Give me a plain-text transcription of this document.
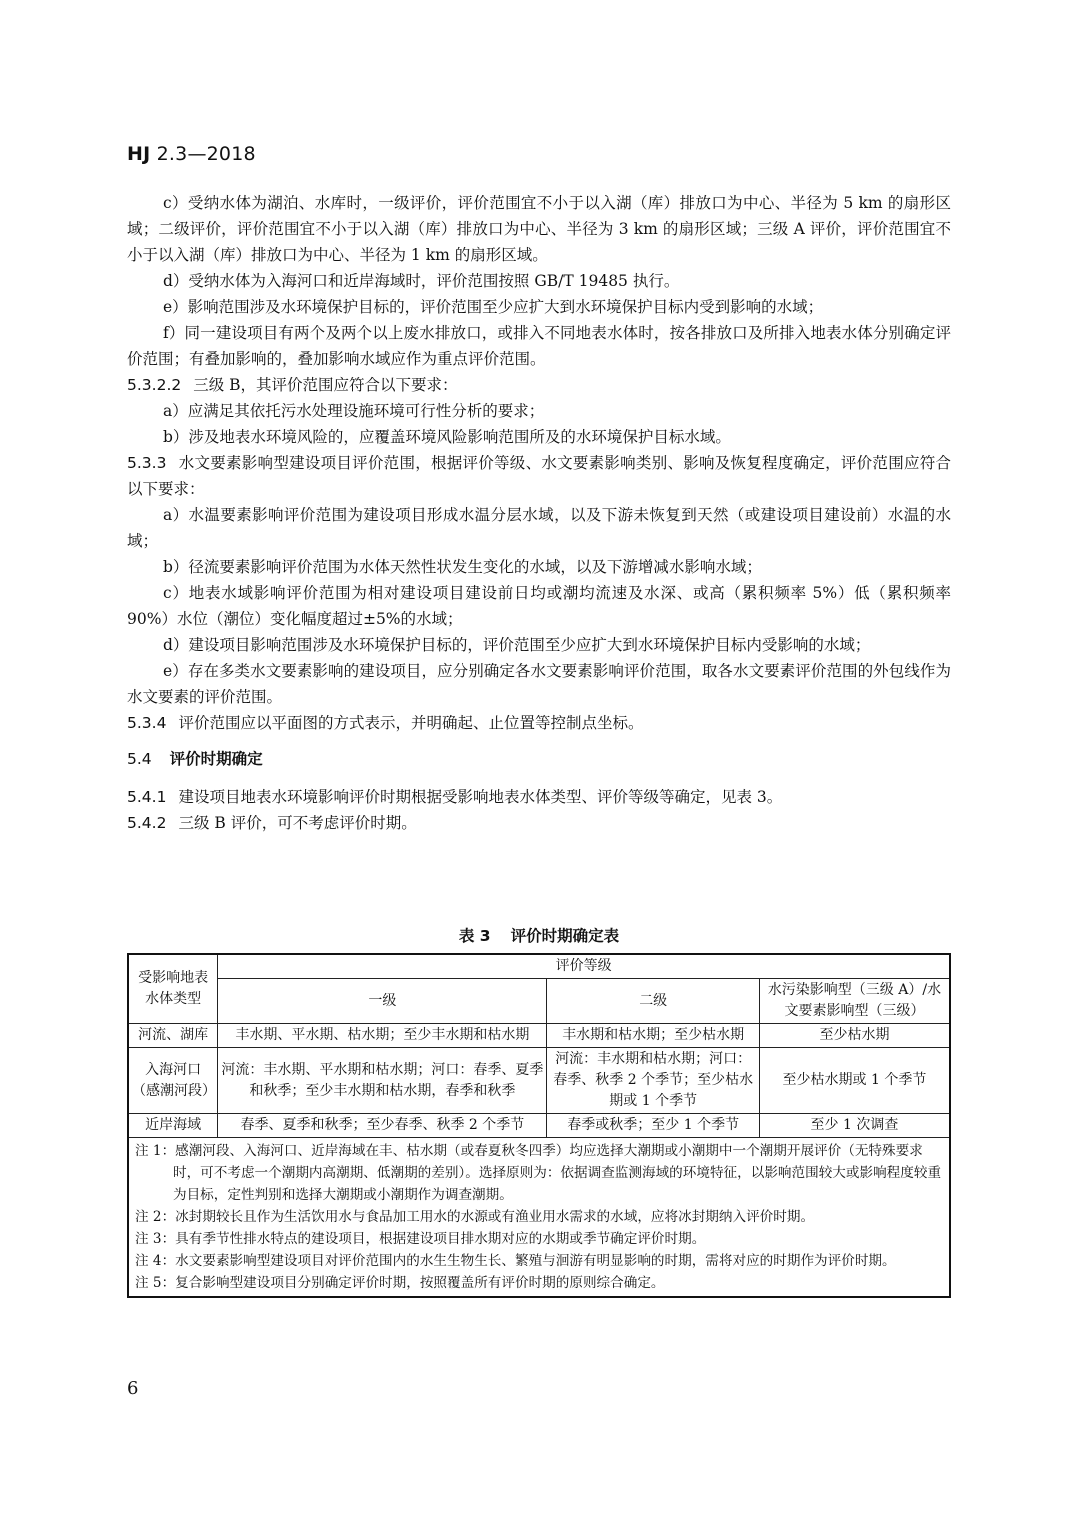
HJ 2.3—2018

c）受纳水体为湖泊、水库时，一级评价，评价范围宜不小于以入湖（库）排放口为中心、半径为 5 km 的扇形区域；二级评价，评价范围宜不小于以入湖（库）排放口为中心、半径为 3 km 的扇形区域；三级 A 评价，评价范围宜不小于以入湖（库）排放口为中心、半径为 1 km 的扇形区域。

d）受纳水体为入海河口和近岸海域时，评价范围按照 GB/T 19485 执行。

e）影响范围涉及水环境保护目标的，评价范围至少应扩大到水环境保护目标内受到影响的水域；

f）同一建设项目有两个及两个以上废水排放口，或排入不同地表水体时，按各排放口及所排入地表水体分别确定评价范围；有叠加影响的，叠加影响水域应作为重点评价范围。

5.3.2.2 三级 B，其评价范围应符合以下要求：

a）应满足其依托污水处理设施环境可行性分析的要求；

b）涉及地表水环境风险的，应覆盖环境风险影响范围所及的水环境保护目标水域。

5.3.3 水文要素影响型建设项目评价范围，根据评价等级、水文要素影响类别、影响及恢复程度确定，评价范围应符合以下要求：

a）水温要素影响评价范围为建设项目形成水温分层水域，以及下游未恢复到天然（或建设项目建设前）水温的水域；

b）径流要素影响评价范围为水体天然性状发生变化的水域，以及下游增减水影响水域；

c）地表水域影响评价范围为相对建设项目建设前日均或潮均流速及水深、或高（累积频率 5%）低（累积频率 90%）水位（潮位）变化幅度超过±5%的水域；

d）建设项目影响范围涉及水环境保护目标的，评价范围至少应扩大到水环境保护目标内受影响的水域；

e）存在多类水文要素影响的建设项目，应分别确定各水文要素影响评价范围，取各水文要素评价范围的外包线作为水文要素的评价范围。

5.3.4 评价范围应以平面图的方式表示，并明确起、止位置等控制点坐标。

5.4 评价时期确定

5.4.1 建设项目地表水环境影响评价时期根据受影响地表水体类型、评价等级等确定，见表 3。

5.4.2 三级 B 评价，可不考虑评价时期。

表 3 评价时期确定表
受影响地表水体类型	评价等级		
	一级	二级	水污染影响型（三级 A）/水文要素影响型（三级）
河流、湖库	丰水期、平水期、枯水期；至少丰水期和枯水期	丰水期和枯水期；至少枯水期	至少枯水期
入海河口（感潮河段）	河流：丰水期、平水期和枯水期；河口：春季、夏季和秋季；至少丰水期和枯水期，春季和秋季	河流：丰水期和枯水期；河口：春季、秋季 2 个季节；至少枯水期或 1 个季节	至少枯水期或 1 个季节
近岸海域	春季、夏季和秋季；至少春季、秋季 2 个季节	春季或秋季；至少 1 个季节	至少 1 次调查

注 1：感潮河段、入海河口、近岸海域在丰、枯水期（或春夏秋冬四季）均应选择大潮期或小潮期中一个潮期开展评价（无特殊要求时，可不考虑一个潮期内高潮期、低潮期的差别）。选择原则为：依据调查监测海域的环境特征，以影响范围较大或影响程度较重为目标，定性判别和选择大潮期或小潮期作为调查潮期。
注 2：冰封期较长且作为生活饮用水与食品加工用水的水源或有渔业用水需求的水域，应将冰封期纳入评价时期。
注 3：具有季节性排水特点的建设项目，根据建设项目排水期对应的水期或季节确定评价时期。
注 4：水文要素影响型建设项目对评价范围内的水生生物生长、繁殖与洄游有明显影响的时期，需将对应的时期作为评价时期。
注 5：复合影响型建设项目分别确定评价时期，按照覆盖所有评价时期的原则综合确定。			
6
